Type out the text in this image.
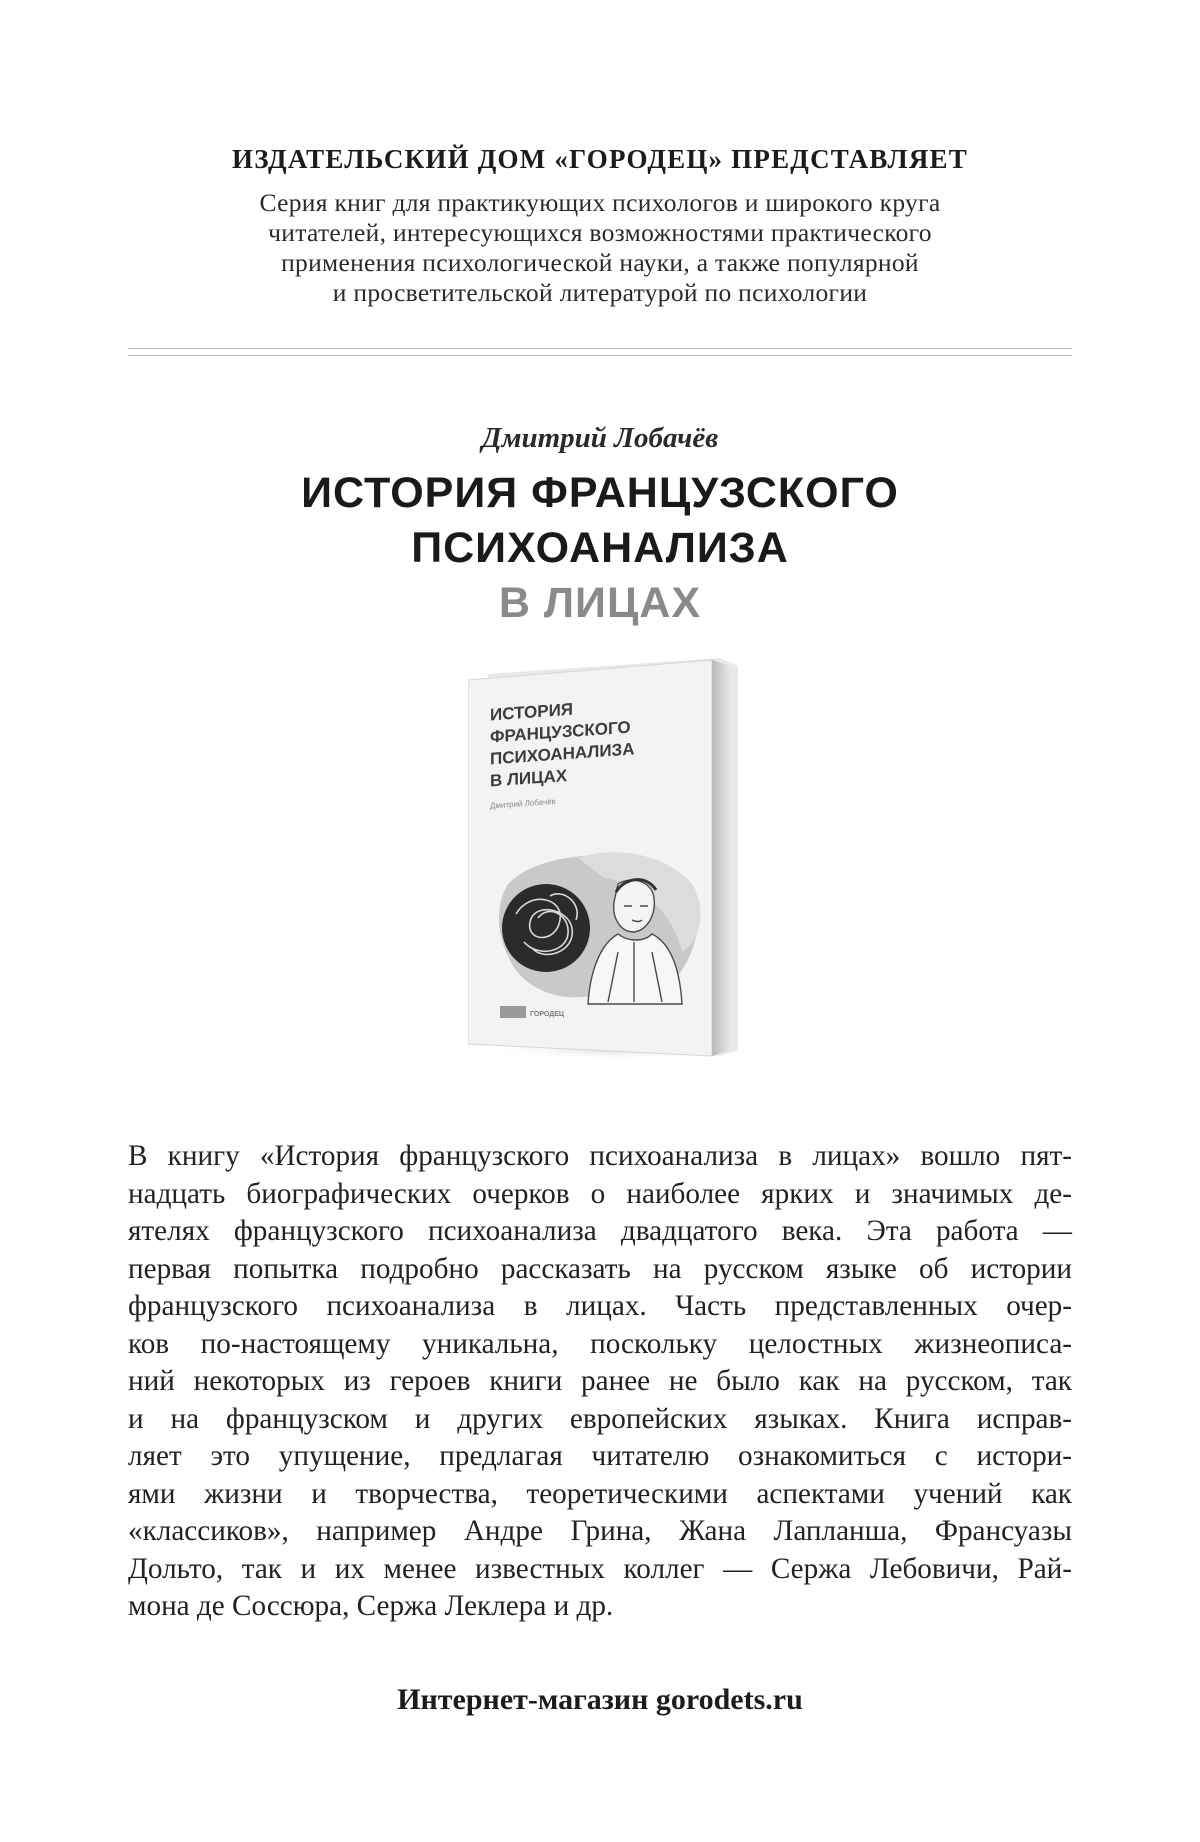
ИЗДАТЕЛЬСКИЙ ДОМ «ГОРОДЕЦ» ПРЕДСТАВЛЯЕТ
Серия книг для практикующих психологов и широкого круга
читателей, интересующихся возможностями практического
применения психологической науки, а также популярной
и просветительской литературой по психологии
Дмитрий Лобачёв
ИСТОРИЯ ФРАНЦУЗСКОГО
ПСИХОАНАЛИЗА
В ЛИЦАХ
ИСТОРИЯ
ФРАНЦУЗСКОГО
ПСИХОАНАЛИЗА
В ЛИЦАХ
Дмитрий Лобачёв
ГОРОДЕЦ
В книгу «История французского психоанализа в лицах» вошло пят-
надцать биографических очерков о наиболее ярких и значимых де-
ятелях французского психоанализа двадцатого века. Эта работа —
первая попытка подробно рассказать на русском языке об истории
французского психоанализа в лицах. Часть представленных очер-
ков по-настоящему уникальна, поскольку целостных жизнеописа-
ний некоторых из героев книги ранее не было как на русском, так
и на французском и других европейских языках. Книга исправ-
ляет это упущение, предлагая читателю ознакомиться с истори-
ями жизни и творчества, теоретическими аспектами учений как
«классиков», например Андре Грина, Жана Лапланша, Франсуазы
Дольто, так и их менее известных коллег — Сержа Лебовичи, Рай-
мона де Соссюра, Сержа Леклера и др.
Интернет-магазин gorodets.ru
